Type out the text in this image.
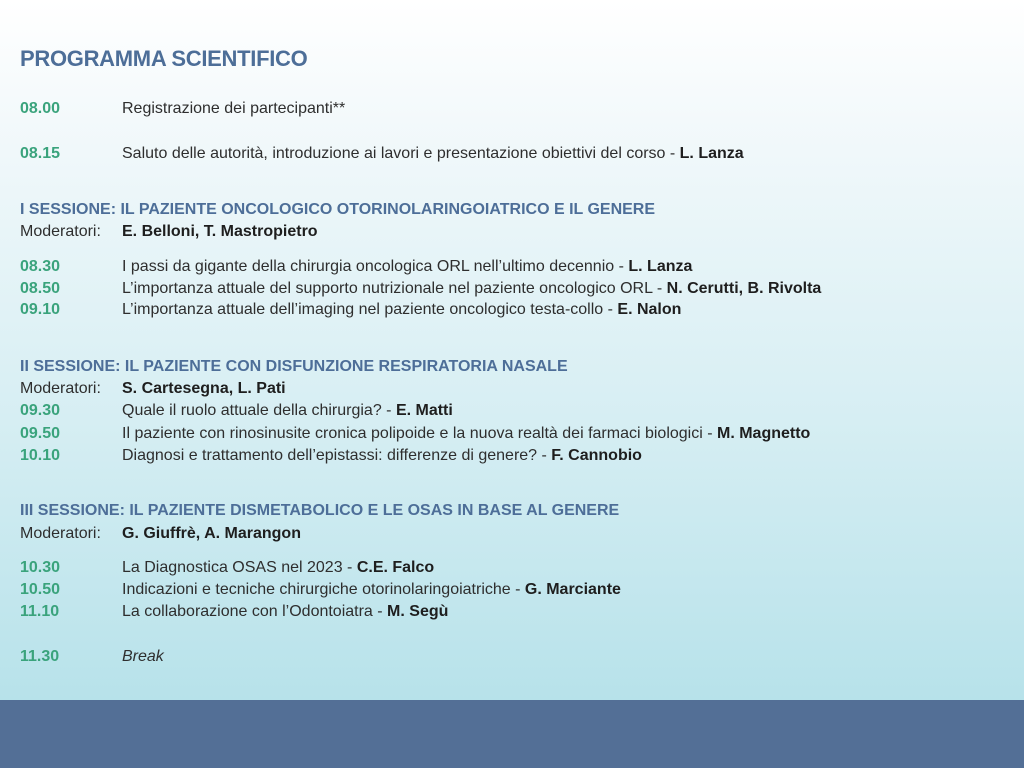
PROGRAMMA SCIENTIFICO
08.00	Registrazione dei partecipanti**
08.15	Saluto delle autorità, introduzione ai lavori e presentazione obiettivi del corso - L. Lanza
I SESSIONE: IL PAZIENTE ONCOLOGICO OTORINOLARINGOIATRICO E IL GENERE
Moderatori: E. Belloni, T. Mastropietro
08.30	I passi da gigante della chirurgia oncologica ORL nell’ultimo decennio - L. Lanza
08.50	L’importanza attuale del supporto nutrizionale nel paziente oncologico ORL - N. Cerutti, B. Rivolta
09.10	L’importanza attuale dell’imaging nel paziente oncologico testa-collo - E. Nalon
II SESSIONE: IL PAZIENTE CON DISFUNZIONE RESPIRATORIA NASALE
Moderatori: S. Cartesegna, L. Pati
09.30	Quale il ruolo attuale della chirurgia? - E. Matti
09.50	Il paziente con rinosinusite cronica polipoide e la nuova realtà dei farmaci biologici - M. Magnetto
10.10	Diagnosi e trattamento dell’epistassi: differenze di genere? - F. Cannobio
III SESSIONE: IL PAZIENTE DISMETABOLICO E LE OSAS IN BASE AL GENERE
Moderatori: G. Giuffrè, A. Marangon
10.30	La Diagnostica OSAS nel 2023 - C.E. Falco
10.50	Indicazioni e tecniche chirurgiche otorinolaringoiatriche - G. Marciante
11.10	La collaborazione con l’Odontoiatra - M. Segù
11.30	Break
